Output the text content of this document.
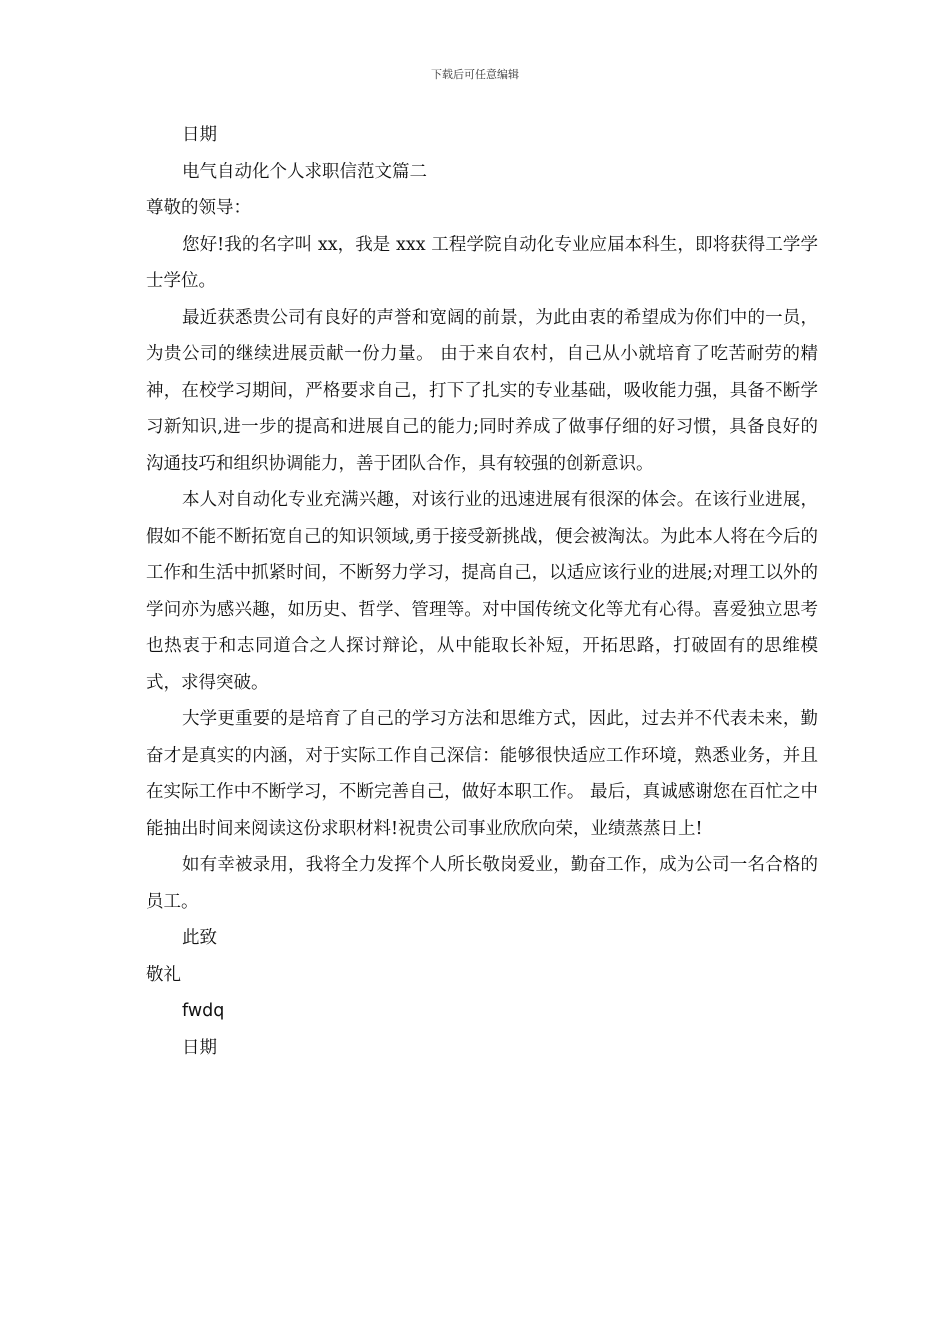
下载后可任意编辑
日期
电气自动化个人求职信范文篇二
尊敬的领导：

您好!我的名字叫 xx，我是 xxx 工程学院自动化专业应届本科生，即将获得工学学士学位。

最近获悉贵公司有良好的声誉和宽阔的前景，为此由衷的希望成为你们中的一员，为贵公司的继续进展贡献一份力量。 由于来自农村，自己从小就培育了吃苦耐劳的精神，在校学习期间，严格要求自己，打下了扎实的专业基础，吸收能力强，具备不断学习新知识,进一步的提高和进展自己的能力;同时养成了做事仔细的好习惯，具备良好的沟通技巧和组织协调能力，善于团队合作，具有较强的创新意识。

本人对自动化专业充满兴趣，对该行业的迅速进展有很深的体会。在该行业进展，假如不能不断拓宽自己的知识领域,勇于接受新挑战，便会被淘汰。为此本人将在今后的工作和生活中抓紧时间，不断努力学习，提高自己，以适应该行业的进展;对理工以外的学问亦为感兴趣，如历史、哲学、管理等。对中国传统文化等尤有心得。喜爱独立思考也热衷于和志同道合之人探讨辩论，从中能取长补短，开拓思路，打破固有的思维模式，求得突破。

大学更重要的是培育了自己的学习方法和思维方式，因此，过去并不代表未来，勤奋才是真实的内涵，对于实际工作自己深信：能够很快适应工作环境，熟悉业务，并且在实际工作中不断学习，不断完善自己，做好本职工作。 最后，真诚感谢您在百忙之中能抽出时间来阅读这份求职材料!祝贵公司事业欣欣向荣，业绩蒸蒸日上!

如有幸被录用，我将全力发挥个人所长敬岗爱业，勤奋工作，成为公司一名合格的员工。

此致
敬礼
fwdq
日期
